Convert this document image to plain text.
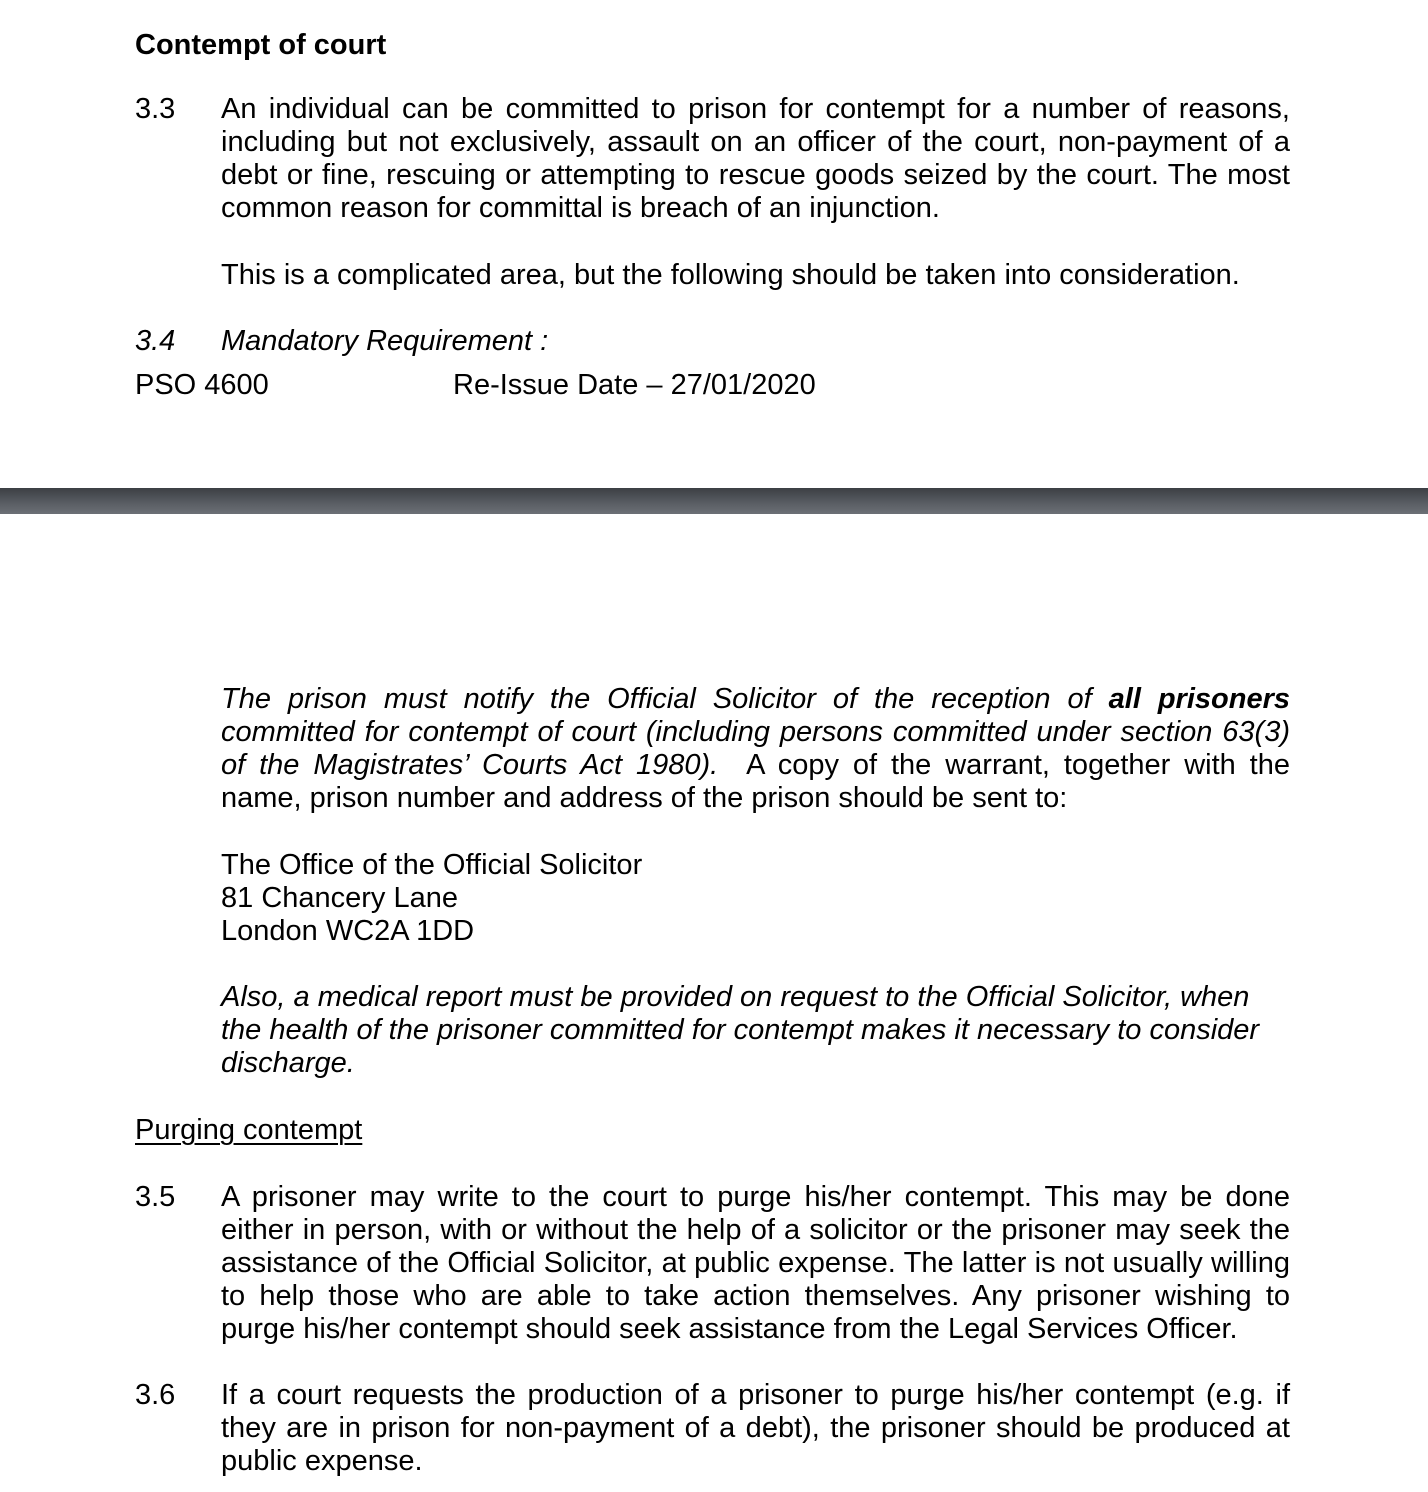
Contempt of court
3.3 An individual can be committed to prison for contempt for a number of reasons,
including but not exclusively, assault on an officer of the court, non-payment of a
debt or fine, rescuing or attempting to rescue goods seized by the court. The most
common reason for committal is breach of an injunction.
This is a complicated area, but the following should be taken into consideration.
3.4 Mandatory Requirement :
PSO 4600	Re-Issue Date – 27/01/2020
The prison must notify the Official Solicitor of the reception of all prisoners
committed for contempt of court (including persons committed under section 63(3)
of the Magistrates’ Courts Act 1980). A copy of the warrant, together with the
name, prison number and address of the prison should be sent to:
The Office of the Official Solicitor
81 Chancery Lane
London WC2A 1DD
Also, a medical report must be provided on request to the Official Solicitor, when
the health of the prisoner committed for contempt makes it necessary to consider
discharge.
Purging contempt
3.5 A prisoner may write to the court to purge his/her contempt. This may be done
either in person, with or without the help of a solicitor or the prisoner may seek the
assistance of the Official Solicitor, at public expense. The latter is not usually willing
to help those who are able to take action themselves. Any prisoner wishing to
purge his/her contempt should seek assistance from the Legal Services Officer.
3.6 If a court requests the production of a prisoner to purge his/her contempt (e.g. if
they are in prison for non-payment of a debt), the prisoner should be produced at
public expense.
